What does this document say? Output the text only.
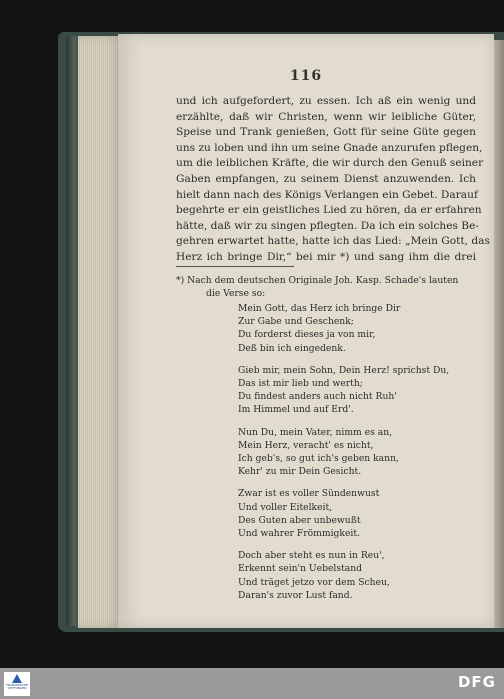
116
und ich aufgefordert, zu essen. Ich aß ein wenig und
erzählte, daß wir Christen, wenn wir leibliche Güter,
Speise und Trank genießen, Gott für seine Güte gegen
uns zu loben und ihn um seine Gnade anzurufen pflegen,
um die leiblichen Kräfte, die wir durch den Genuß seiner
Gaben empfangen, zu seinem Dienst anzuwenden. Ich
hielt dann nach des Königs Verlangen ein Gebet. Darauf
begehrte er ein geistliches Lied zu hören, da er erfahren
hätte, daß wir zu singen pflegten. Da ich ein solches Be-
gehren erwartet hatte, hatte ich das Lied: „Mein Gott, das
Herz ich bringe Dir,“ bei mir *) und sang ihm die drei
*) Nach dem deutschen Originale Joh. Kasp. Schade's lauten
die Verse so:
Mein Gott, das Herz ich bringe Dir
Zur Gabe und Geschenk;
Du forderst dieses ja von mir,
Deß bin ich eingedenk.
Gieb mir, mein Sohn, Dein Herz! sprichst Du,
Das ist mir lieb und werth;
Du findest anders auch nicht Ruh'
Im Himmel und auf Erd'.
Nun Du, mein Vater, nimm es an,
Mein Herz, veracht' es nicht,
Ich geb's, so gut ich's geben kann,
Kehr' zu mir Dein Gesicht.
Zwar ist es voller Sündenwust
Und voller Eitelkeit,
Des Guten aber unbewußt
Und wahrer Frömmigkeit.
Doch aber steht es nun in Reu',
Erkennt sein'n Uebelstand
Und träget jetzo vor dem Scheu,
Daran's zuvor Lust fand.
FRANCKESCHE STIFTUNGEN	DFG
